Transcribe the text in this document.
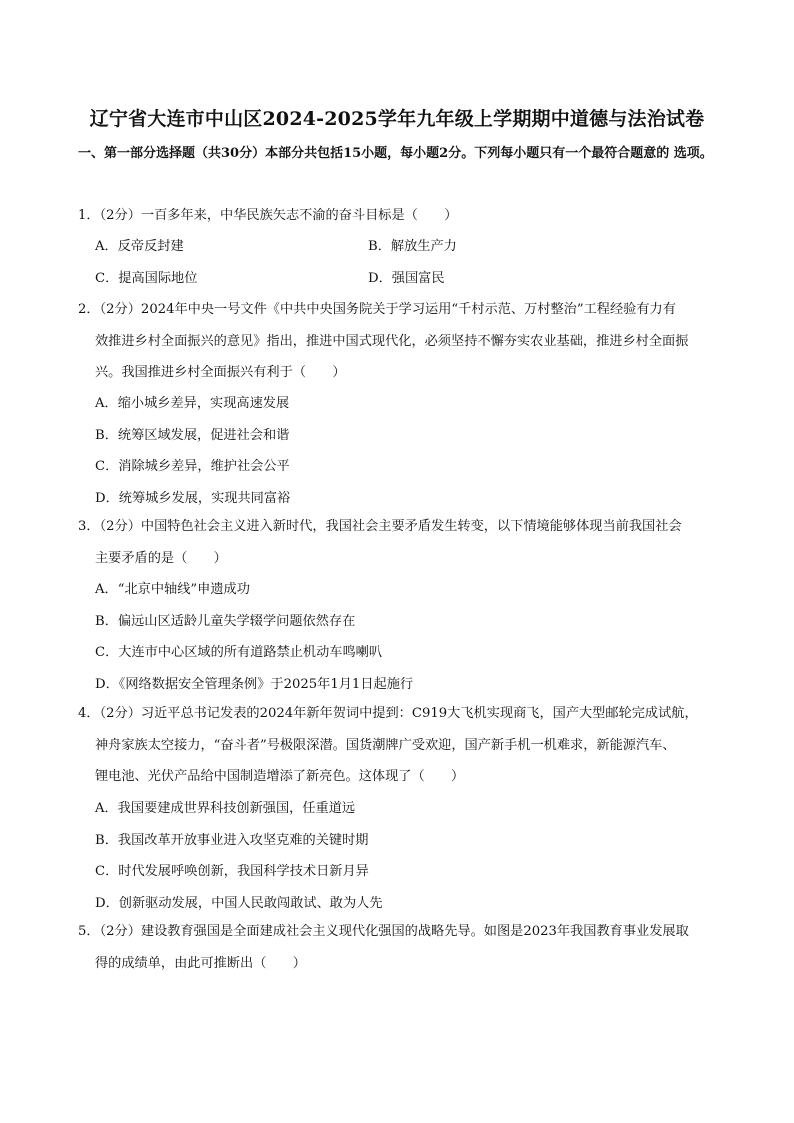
辽宁省大连市中山区2024-2025学年九年级上学期期中道德与法治试卷
一、第一部分选择题（共30分）本部分共包括15小题，每小题2分。下列每小题只有一个最符合题意的 选项。
1．（2分）一百多年来，中华民族矢志不渝的奋斗目标是（　　）
A．反帝反封建	B．解放生产力
C．提高国际地位	D．强国富民
2．（2分）2024年中央一号文件《中共中央国务院关于学习运用“千村示范、万村整治”工程经验有力有
效推进乡村全面振兴的意见》指出，推进中国式现代化，必须坚持不懈夯实农业基础，推进乡村全面振
兴。我国推进乡村全面振兴有利于（　　）
A．缩小城乡差异，实现高速发展
B．统筹区域发展，促进社会和谐
C．消除城乡差异，维护社会公平
D．统筹城乡发展，实现共同富裕
3．（2分）中国特色社会主义进入新时代，我国社会主要矛盾发生转变，以下情境能够体现当前我国社会
主要矛盾的是（　　）
A．“北京中轴线”申遗成功
B．偏远山区适龄儿童失学辍学问题依然存在
C．大连市中心区域的所有道路禁止机动车鸣喇叭
D．《网络数据安全管理条例》于2025年1月1日起施行
4．（2分）习近平总书记发表的2024年新年贺词中提到：C919大飞机实现商飞，国产大型邮轮完成试航，
神舟家族太空接力，“奋斗者”号极限深潜。国货潮牌广受欢迎，国产新手机一机难求，新能源汽车、
锂电池、光伏产品给中国制造增添了新亮色。这体现了（　　）
A．我国要建成世界科技创新强国，任重道远
B．我国改革开放事业进入攻坚克难的关键时期
C．时代发展呼唤创新，我国科学技术日新月异
D．创新驱动发展，中国人民敢闯敢试、敢为人先
5．（2分）建设教育强国是全面建成社会主义现代化强国的战略先导。如图是2023年我国教育事业发展取
得的成绩单，由此可推断出（　　）
